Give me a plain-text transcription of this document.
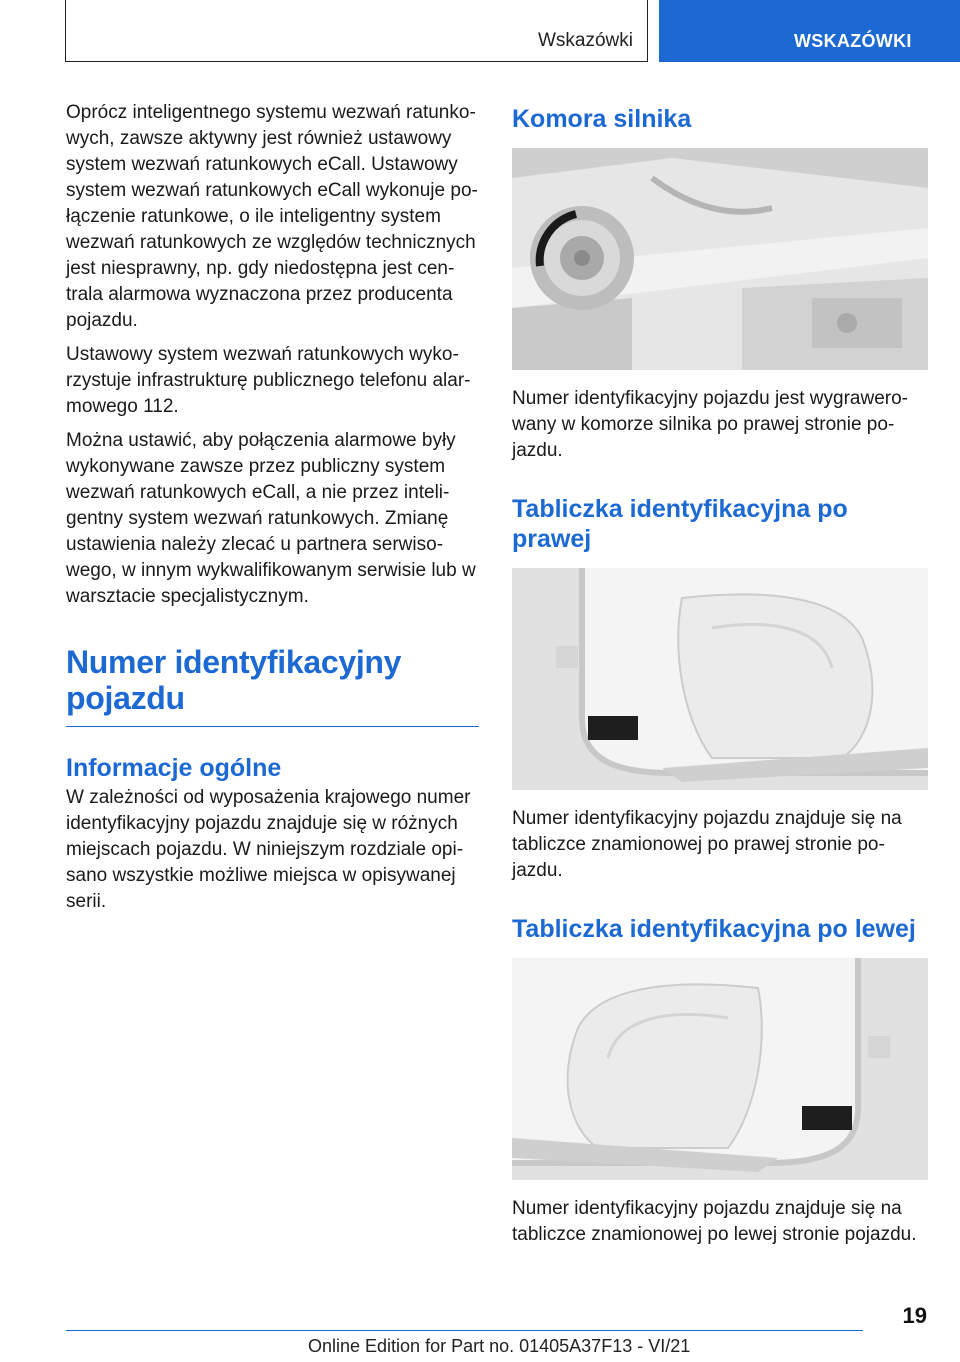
Wskazówki	WSKAZÓWKI

Oprócz inteligentnego systemu wezwań ratunkowych, zawsze aktywny jest również ustawowy system wezwań ratunkowych eCall. Ustawowy system wezwań ratunkowych eCall wykonuje połączenie ratunkowe, o ile inteligentny system wezwań ratunkowych ze względów technicznych jest niesprawny, np. gdy niedostępna jest centrala alarmowa wyznaczona przez producenta pojazdu.

Ustawowy system wezwań ratunkowych wykorzystuje infrastrukturę publicznego telefonu alarmowego 112.

Można ustawić, aby połączenia alarmowe były wykonywane zawsze przez publiczny system wezwań ratunkowych eCall, a nie przez inteligentny system wezwań ratunkowych. Zmianę ustawienia należy zlecać u partnera serwisowego, w innym wykwalifikowanym serwisie lub w warsztacie specjalistycznym.

Numer identyfikacyjny pojazdu
Informacje ogólne

W zależności od wyposażenia krajowego numer identyfikacyjny pojazdu znajduje się w różnych miejscach pojazdu. W niniejszym rozdziale opisano wszystkie możliwe miejsca w opisywanej serii.

Komora silnika

Numer identyfikacyjny pojazdu jest wygrawerowany w komorze silnika po prawej stronie pojazdu.

Tabliczka identyfikacyjna po prawej

Numer identyfikacyjny pojazdu znajduje się na tabliczce znamionowej po prawej stronie pojazdu.

Tabliczka identyfikacyjna po lewej

Numer identyfikacyjny pojazdu znajduje się na tabliczce znamionowej po lewej stronie pojazdu.

19
Online Edition for Part no. 01405A37F13 - VI/21
